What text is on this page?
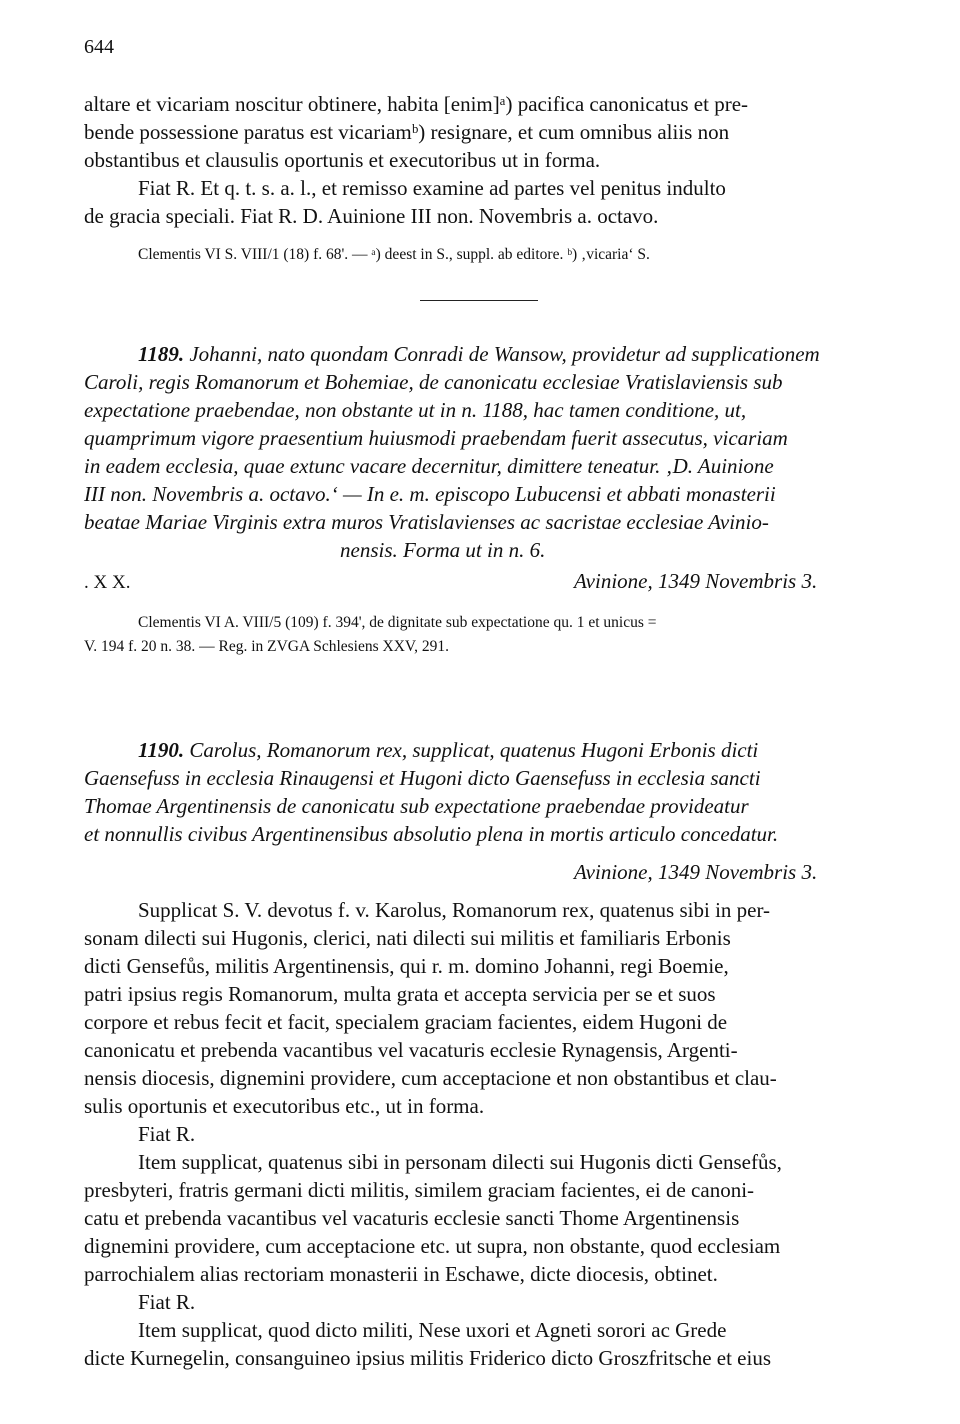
644
altare et vicariam noscitur obtinere, habita [enim]ᵃ) pacifica canonicatus et pre-
bende possessione paratus est vicariamᵇ) resignare, et cum omnibus aliis non
obstantibus et clausulis oportunis et executoribus ut in forma.
Fiat R. Et q. t. s. a. l., et remisso examine ad partes vel penitus indulto
de gracia speciali. Fiat R. D. Auinione III non. Novembris a. octavo.
Clementis VI S. VIII/1 (18) f. 68'. — ᵃ) deest in S., suppl. ab editore. ᵇ) ‚vicaria‘ S.
1189. Johanni, nato quondam Conradi de Wansow, providetur ad supplicationem
Caroli, regis Romanorum et Bohemiae, de canonicatu ecclesiae Vratislaviensis sub
expectatione praebendae, non obstante ut in n. 1188, hac tamen conditione, ut,
quamprimum vigore praesentium huiusmodi praebendam fuerit assecutus, vicariam
in eadem ecclesia, quae extunc vacare decernitur, dimittere teneatur. ‚D. Auinione
III non. Novembris a. octavo.‘ — In e. m. episcopo Lubucensi et abbati monasterii
beatae Mariae Virginis extra muros Vratislavienses ac sacristae ecclesiae Avinio-
nensis. Forma ut in n. 6.
. X X.	Avinione, 1349 Novembris 3.
Clementis VI A. VIII/5 (109) f. 394', de dignitate sub expectatione qu. 1 et unicus =
V. 194 f. 20 n. 38. — Reg. in ZVGA Schlesiens XXV, 291.
1190. Carolus, Romanorum rex, supplicat, quatenus Hugoni Erbonis dicti
Gaensefuss in ecclesia Rinaugensi et Hugoni dicto Gaensefuss in ecclesia sancti
Thomae Argentinensis de canonicatu sub expectatione praebendae provideatur
et nonnullis civibus Argentinensibus absolutio plena in mortis articulo concedatur.
Avinione, 1349 Novembris 3.
Supplicat S. V. devotus f. v. Karolus, Romanorum rex, quatenus sibi in per-
sonam dilecti sui Hugonis, clerici, nati dilecti sui militis et familiaris Erbonis
dicti Gensefůs, militis Argentinensis, qui r. m. domino Johanni, regi Boemie,
patri ipsius regis Romanorum, multa grata et accepta servicia per se et suos
corpore et rebus fecit et facit, specialem graciam facientes, eidem Hugoni de
canonicatu et prebenda vacantibus vel vacaturis ecclesie Rynagensis, Argenti-
nensis diocesis, dignemini providere, cum acceptacione et non obstantibus et clau-
sulis oportunis et executoribus etc., ut in forma.
Fiat R.
Item supplicat, quatenus sibi in personam dilecti sui Hugonis dicti Gensefůs,
presbyteri, fratris germani dicti militis, similem graciam facientes, ei de canoni-
catu et prebenda vacantibus vel vacaturis ecclesie sancti Thome Argentinensis
dignemini providere, cum acceptacione etc. ut supra, non obstante, quod ecclesiam
parrochialem alias rectoriam monasterii in Eschawe, dicte diocesis, obtinet.
Fiat R.
Item supplicat, quod dicto militi, Nese uxori et Agneti sorori ac Grede
dicte Kurnegelin, consanguineo ipsius militis Friderico dicto Groszfritsche et eius
